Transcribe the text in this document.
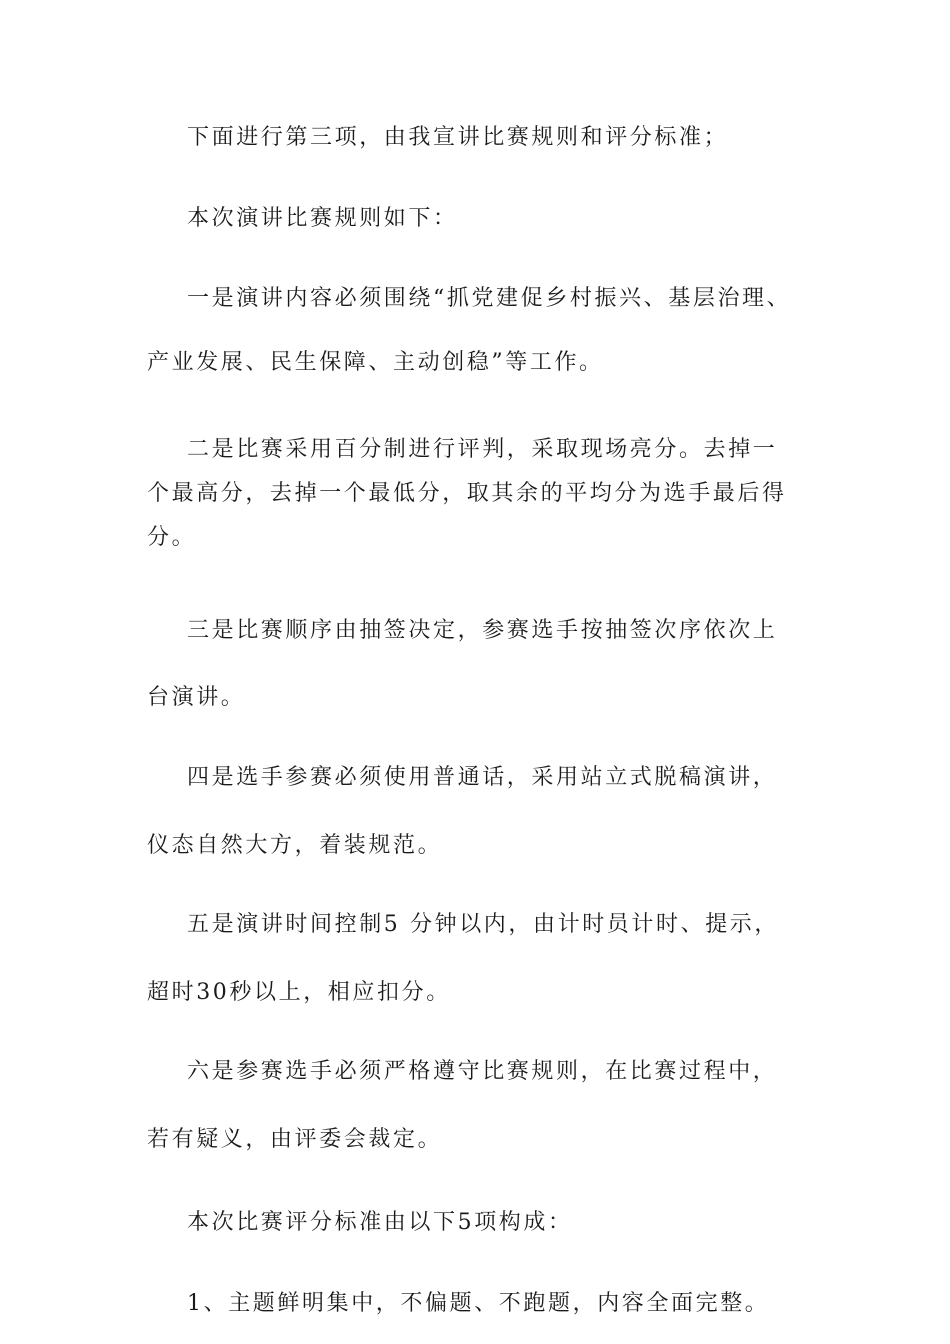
下面进行第三项，由我宣讲比赛规则和评分标准；

本次演讲比赛规则如下：

一是演讲内容必须围绕“抓党建促乡村振兴、基层治理、
产业发展、民生保障、主动创稳”等工作。

二是比赛采用百分制进行评判，采取现场亮分。去掉一
个最高分，去掉一个最低分，取其余的平均分为选手最后得
分。

三是比赛顺序由抽签决定，参赛选手按抽签次序依次上
台演讲。

四是选手参赛必须使用普通话，采用站立式脱稿演讲，
仪态自然大方，着装规范。

五是演讲时间控制5 分钟以内，由计时员计时、提示，
超时30秒以上，相应扣分。

六是参赛选手必须严格遵守比赛规则，在比赛过程中，
若有疑义，由评委会裁定。

本次比赛评分标准由以下5项构成：

1、主题鲜明集中，不偏题、不跑题，内容全面完整。
